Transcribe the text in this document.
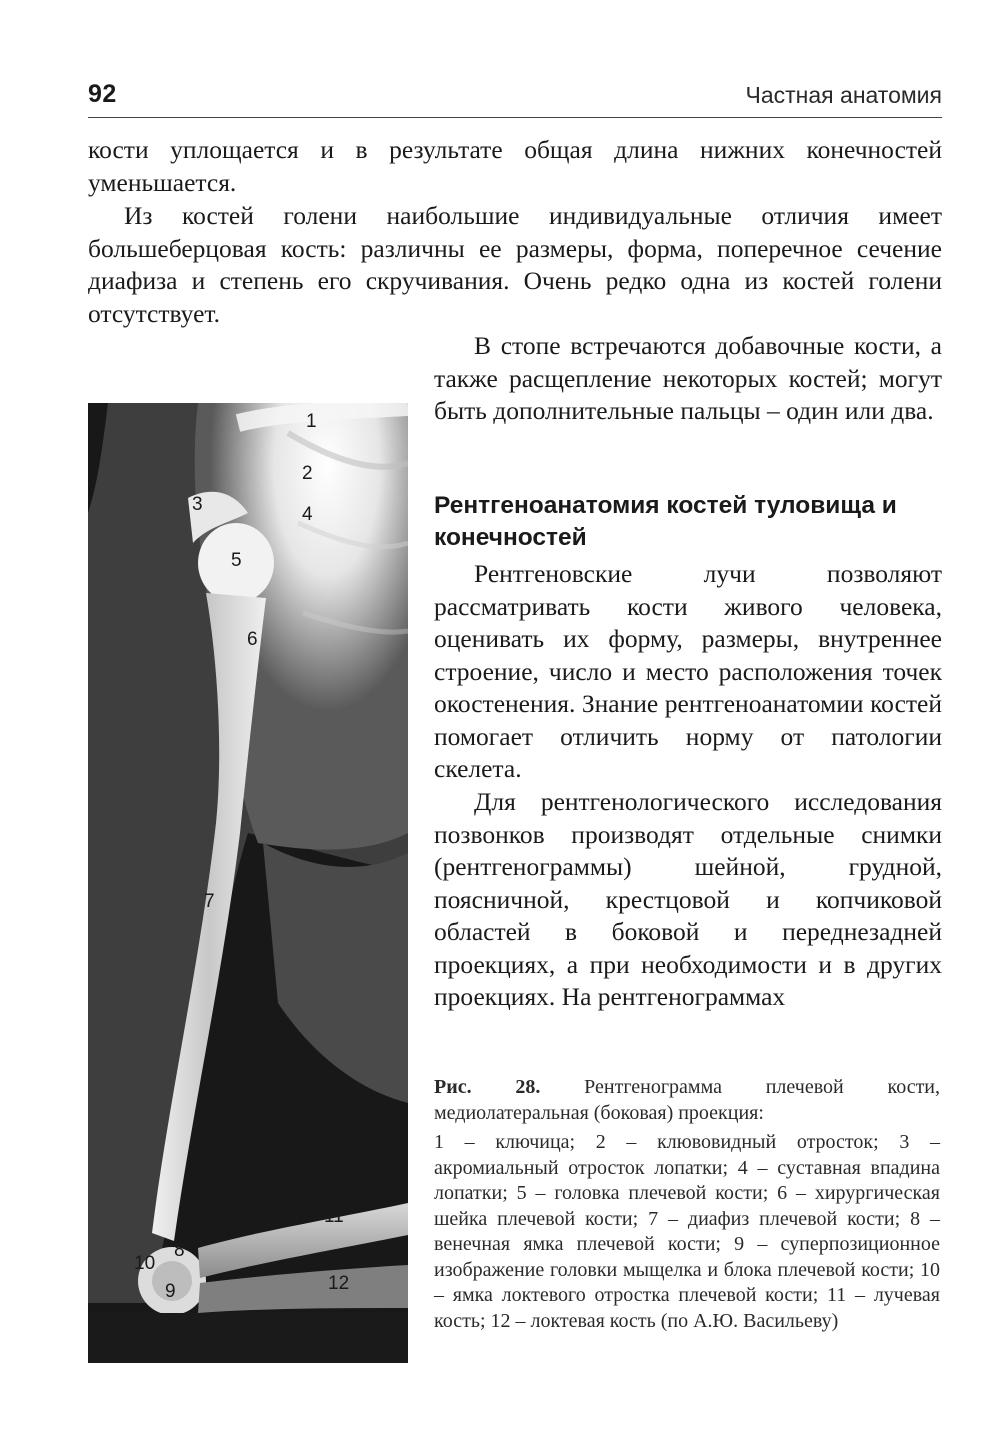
92	Частная анатомия

кости уплощается и в результате общая длина нижних конечностей уменьшается.

Из костей голени наибольшие индивидуальные отличия имеет большеберцовая кость: различны ее размеры, форма, поперечное сечение диафиза и степень его скручивания. Очень редко одна из костей голени отсутствует.

В стопе встречаются добавочные кости, а также расщепление некоторых костей; могут быть дополнительные пальцы – один или два.

Рентгеноанатомия костей туловища и конечностей

Рентгеновские лучи позволяют рассматривать кости живого человека, оценивать их форму, размеры, внутреннее строение, число и место расположения точек окостенения. Знание рентгеноанатомии костей помогает отличить норму от патологии скелета.

Для рентгенологического исследования позвонков производят отдельные снимки (рентгенограммы) шейной, грудной, поясничной, крестцовой и копчиковой областей в боковой и переднезадней проекциях, а при необходимости и в других проекциях. На рентгенограммах

1
2
3	4
5
6
7
8
9
10
11
12

Рис. 28. Рентгенограмма плечевой кости, медиолатеральная (боковая) проекция:

1 – ключица; 2 – клювовидный отросток; 3 – акромиальный отросток лопатки; 4 – суставная впадина лопатки; 5 – головка плечевой кости; 6 – хирургическая шейка плечевой кости; 7 – диафиз плечевой кости; 8 – венечная ямка плечевой кости; 9 – суперпозиционное изображение головки мыщелка и блока плечевой кости; 10 – ямка локтевого отростка плечевой кости; 11 – лучевая кость; 12 – локтевая кость (по А.Ю. Васильеву)
